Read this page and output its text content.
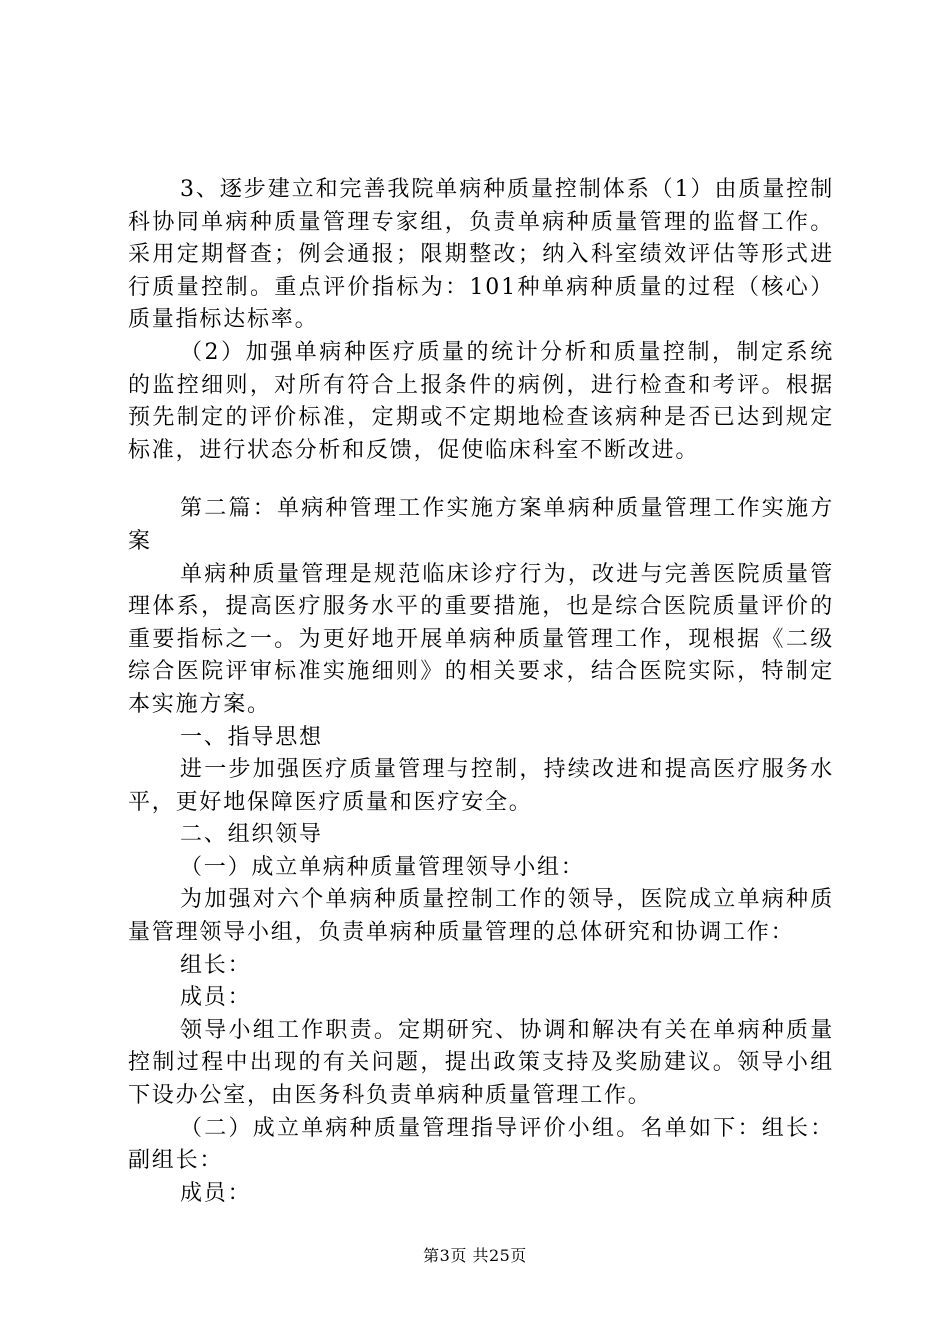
3、逐步建立和完善我院单病种质量控制体系（1）由质量控制科协同单病种质量管理专家组，负责单病种质量管理的监督工作。采用定期督查；例会通报；限期整改；纳入科室绩效评估等形式进行质量控制。重点评价指标为：101种单病种质量的过程（核心）质量指标达标率。

（2）加强单病种医疗质量的统计分析和质量控制，制定系统的监控细则，对所有符合上报条件的病例，进行检查和考评。根据预先制定的评价标准，定期或不定期地检查该病种是否已达到规定标准，进行状态分析和反馈，促使临床科室不断改进。

第二篇：单病种管理工作实施方案单病种质量管理工作实施方案

单病种质量管理是规范临床诊疗行为，改进与完善医院质量管理体系，提高医疗服务水平的重要措施，也是综合医院质量评价的重要指标之一。为更好地开展单病种质量管理工作，现根据《二级综合医院评审标准实施细则》的相关要求，结合医院实际，特制定本实施方案。

一、指导思想

进一步加强医疗质量管理与控制，持续改进和提高医疗服务水平，更好地保障医疗质量和医疗安全。

二、组织领导

（一）成立单病种质量管理领导小组：

为加强对六个单病种质量控制工作的领导，医院成立单病种质量管理领导小组，负责单病种质量管理的总体研究和协调工作：

组长：

成员：

领导小组工作职责。定期研究、协调和解决有关在单病种质量控制过程中出现的有关问题，提出政策支持及奖励建议。领导小组下设办公室，由医务科负责单病种质量管理工作。

（二）成立单病种质量管理指导评价小组。名单如下：组长：副组长：

成员：

第3页 共25页
